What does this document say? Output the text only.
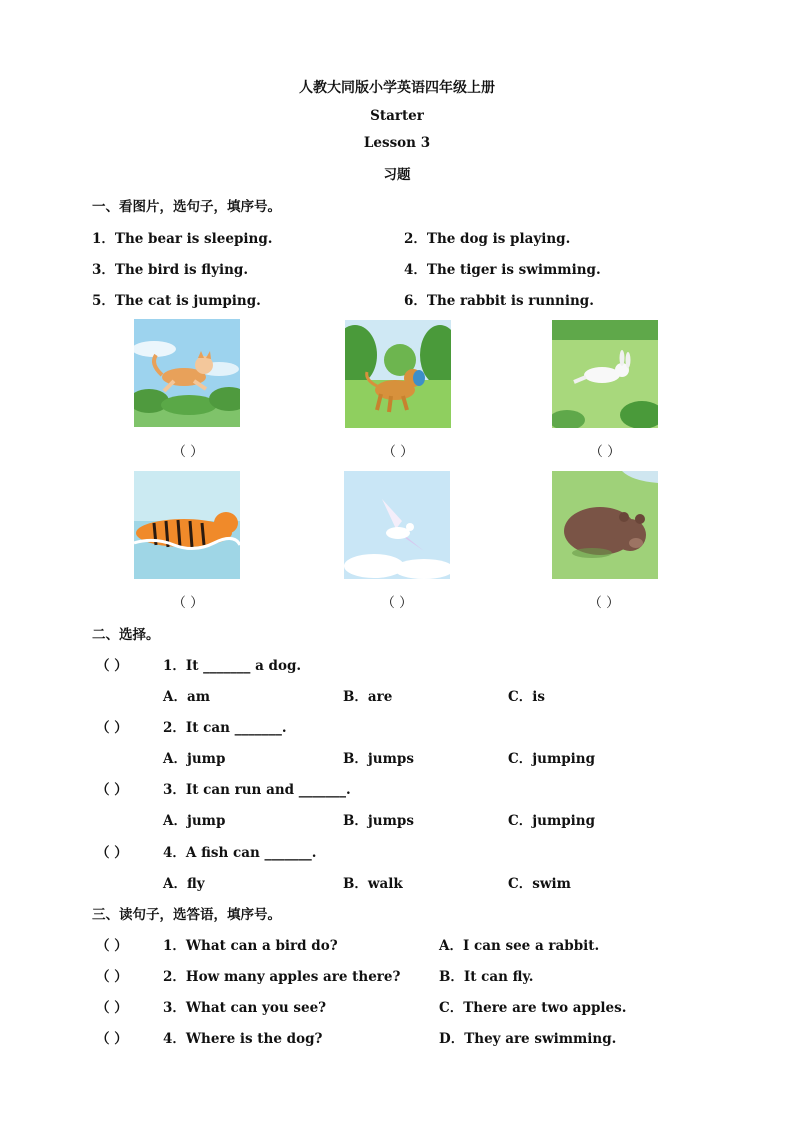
人教大同版小学英语四年级上册
Starter
Lesson 3
习题
一、看图片，选句子，填序号。
1．The bear is sleeping.	2．The dog is playing.
3．The bird is flying.	4．The tiger is swimming.
5．The cat is jumping.	6．The rabbit is running.
（ ）	（ ）	（ ）
（ ）	（ ）	（ ）
二、选择。
（ ）	1．It _______ a dog.
A．am	B．are	C．is
（ ）	2．It can _______.
A．jump	B．jumps	C．jumping
（ ）	3．It can run and _______.
A．jump	B．jumps	C．jumping
（ ）	4．A fish can _______.
A．fly	B．walk	C．swim
三、读句子，选答语，填序号。
（ ）	1．What can a bird do?	A．I can see a rabbit.
（ ）	2．How many apples are there?	B．It can fly.
（ ）	3．What can you see?	C．There are two apples.
（ ）	4．Where is the dog?	D．They are swimming.
